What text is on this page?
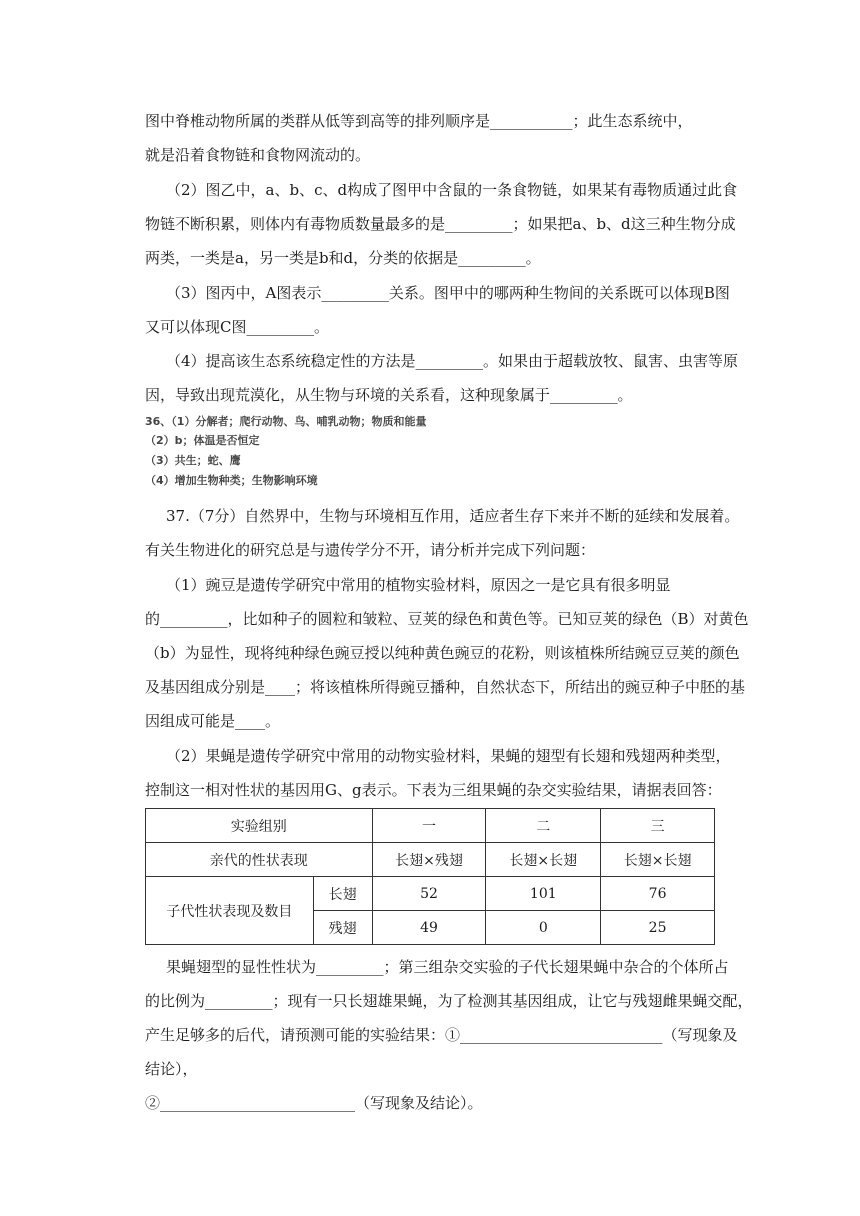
图中脊椎动物所属的类群从低等到高等的排列顺序是___________；此生态系统中，
就是沿着食物链和食物网流动的。
（2）图乙中，a、b、c、d构成了图甲中含鼠的一条食物链，如果某有毒物质通过此食
物链不断积累，则体内有毒物质数量最多的是_________；如果把a、b、d这三种生物分成
两类，一类是a，另一类是b和d，分类的依据是_________。
（3）图丙中，A图表示_________关系。图甲中的哪两种生物间的关系既可以体现B图
又可以体现C图_________。
（4）提高该生态系统稳定性的方法是_________。如果由于超载放牧、鼠害、虫害等原
因，导致出现荒漠化，从生物与环境的关系看，这种现象属于_________。
36、（1）分解者；爬行动物、鸟、哺乳动物；物质和能量
（2）b；体温是否恒定
（3）共生；蛇、鹰
（4）增加生物种类；生物影响环境
37.（7分）自然界中，生物与环境相互作用，适应者生存下来并不断的延续和发展着。
有关生物进化的研究总是与遗传学分不开，请分析并完成下列问题：
（1）豌豆是遗传学研究中常用的植物实验材料，原因之一是它具有很多明显
的_________，比如种子的圆粒和皱粒、豆荚的绿色和黄色等。已知豆荚的绿色（B）对黄色
（b）为显性，现将纯种绿色豌豆授以纯种黄色豌豆的花粉，则该植株所结豌豆豆荚的颜色
及基因组成分别是____；将该植株所得豌豆播种，自然状态下，所结出的豌豆种子中胚的基
因组成可能是____。
（2）果蝇是遗传学研究中常用的动物实验材料，果蝇的翅型有长翅和残翅两种类型，
控制这一相对性状的基因用G、g表示。下表为三组果蝇的杂交实验结果，请据表回答：
实验组别		一	二	三
亲代的性状表现		长翅×残翅	长翅×长翅	长翅×长翅
子代性状表现及数目	长翅	52	101	76
	残翅	49	0	25
果蝇翅型的显性性状为_________；第三组杂交实验的子代长翅果蝇中杂合的个体所占
的比例为_________；现有一只长翅雄果蝇，为了检测其基因组成，让它与残翅雌果蝇交配，
产生足够多的后代，请预测可能的实验结果：①___________________________（写现象及
结论），
②__________________________（写现象及结论）。
